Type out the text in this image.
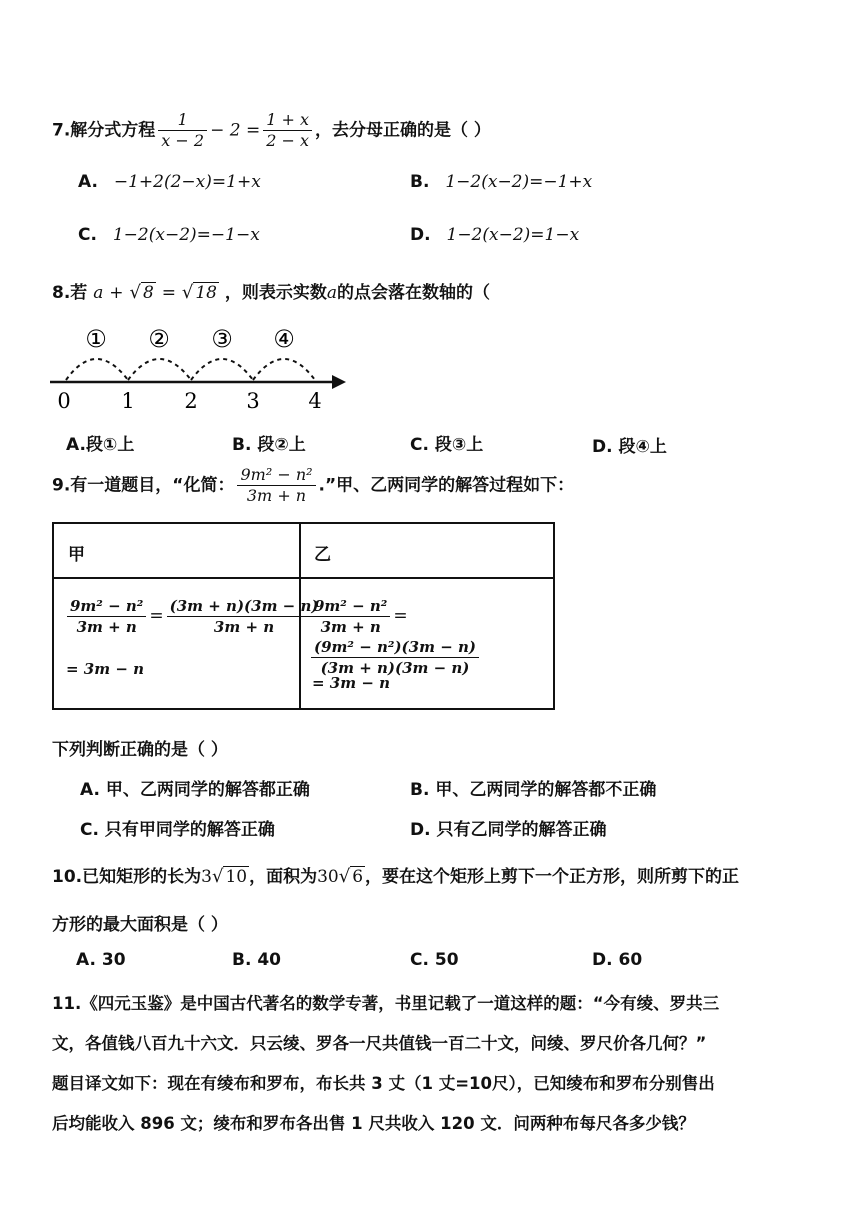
7.解分式方程 $\frac{1}{x - 2} - 2 = \frac{1 + x}{2 - x}$ ，去分母正确的是（ ）
A. −1+2(2−x)=1+x	B. 1−2(x−2)=−1+x
C. 1−2(x−2)=−1−x	D. 1−2(x−2)=1−x
8.若 a + √ 8 = √ 18 ，则表示实数a的点会落在数轴的（
① ② ③ ④
0 1 2 3 4
A.段①上	B. 段②上	C. 段③上	D. 段④上
9.有一道题目，“化简： $\frac{\text{9m² − n²}}{3m + n}$ .”甲、乙两同学的解答过程如下：
甲	乙
$\frac{\text{9m² − n²}}{3m + n} = \frac{(3m + n)(3m - n)}{3m + n}$
= 3m − n
$\frac{\text{9m² − n²}}{3m + n}$ =
$\frac{\text{(9m² − n²)(3m − n)}}{(3m + n)(3m - n)}$
= 3m − n
下列判断正确的是（ ）
A. 甲、乙两同学的解答都正确	B. 甲、乙两同学的解答都不正确
C. 只有甲同学的解答正确	D. 只有乙同学的解答正确
10.已知矩形的长为3√ 10 ，面积为30√ 6 ，要在这个矩形上剪下一个正方形，则所剪下的正
方形的最大面积是（ ）
A. 30	B. 40	C. 50	D. 60
11.《四元玉鉴》是中国古代著名的数学专著，书里记载了一道这样的题：“今有绫、罗共三
文，各值钱八百九十六文．只云绫、罗各一尺共值钱一百二十文，问绫、罗尺价各几何？”
题目译文如下：现在有绫布和罗布，布长共 3 丈（1 丈=10尺），已知绫布和罗布分别售出
后均能收入 896 文；绫布和罗布各出售 1 尺共收入 120 文．问两种布每尺各多少钱？
